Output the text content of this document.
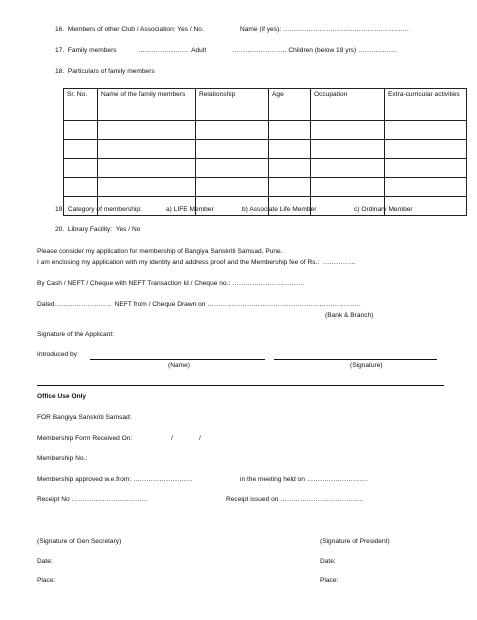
16.  Members of other Club / Association: Yes / No.	Name (if yes): ……..…………….…………………………….
17.  Family members	…………………..  Adult	……………………. Children (below 18 yrs) ……………...
18.  Particulars of family members
Sr. No.	Name of the family members	Relationship	Age	Occupation	Extra-curricular activities

19.  Category of membership:	a) LIFE Member	b) Associate Life Member	c) Ordinary Member
20.  Library Facility:  Yes / No
Please consider my application for membership of Bangiya Sanskriti Samsad, Pune.
I am enclosing my application with my identity and address proof and the Membership fee of Rs.:  ……………
By Cash / NEFT / Cheque with NEFT Transaction Id / Cheque no.: ……………………………
Dated……………………..  NEFT from / Cheque Drawn on …………………………………………………………….
(Bank & Branch)
Signature of the Applicant:
Introduced by:
(Name)	(Signature)
Office Use Only
FOR Bangiya Sanskriti Samsad:
Membership Form Received On:	/	/
Membership No.:
Membership approved w.e.from: ………………………	in the meeting held on ……………………….
Receipt No ……………………………..	Receipt issued on ………………………………..
(Signature of Gen Secretary)	(Signature of President)
Date:	Date:
Place:	Place:
